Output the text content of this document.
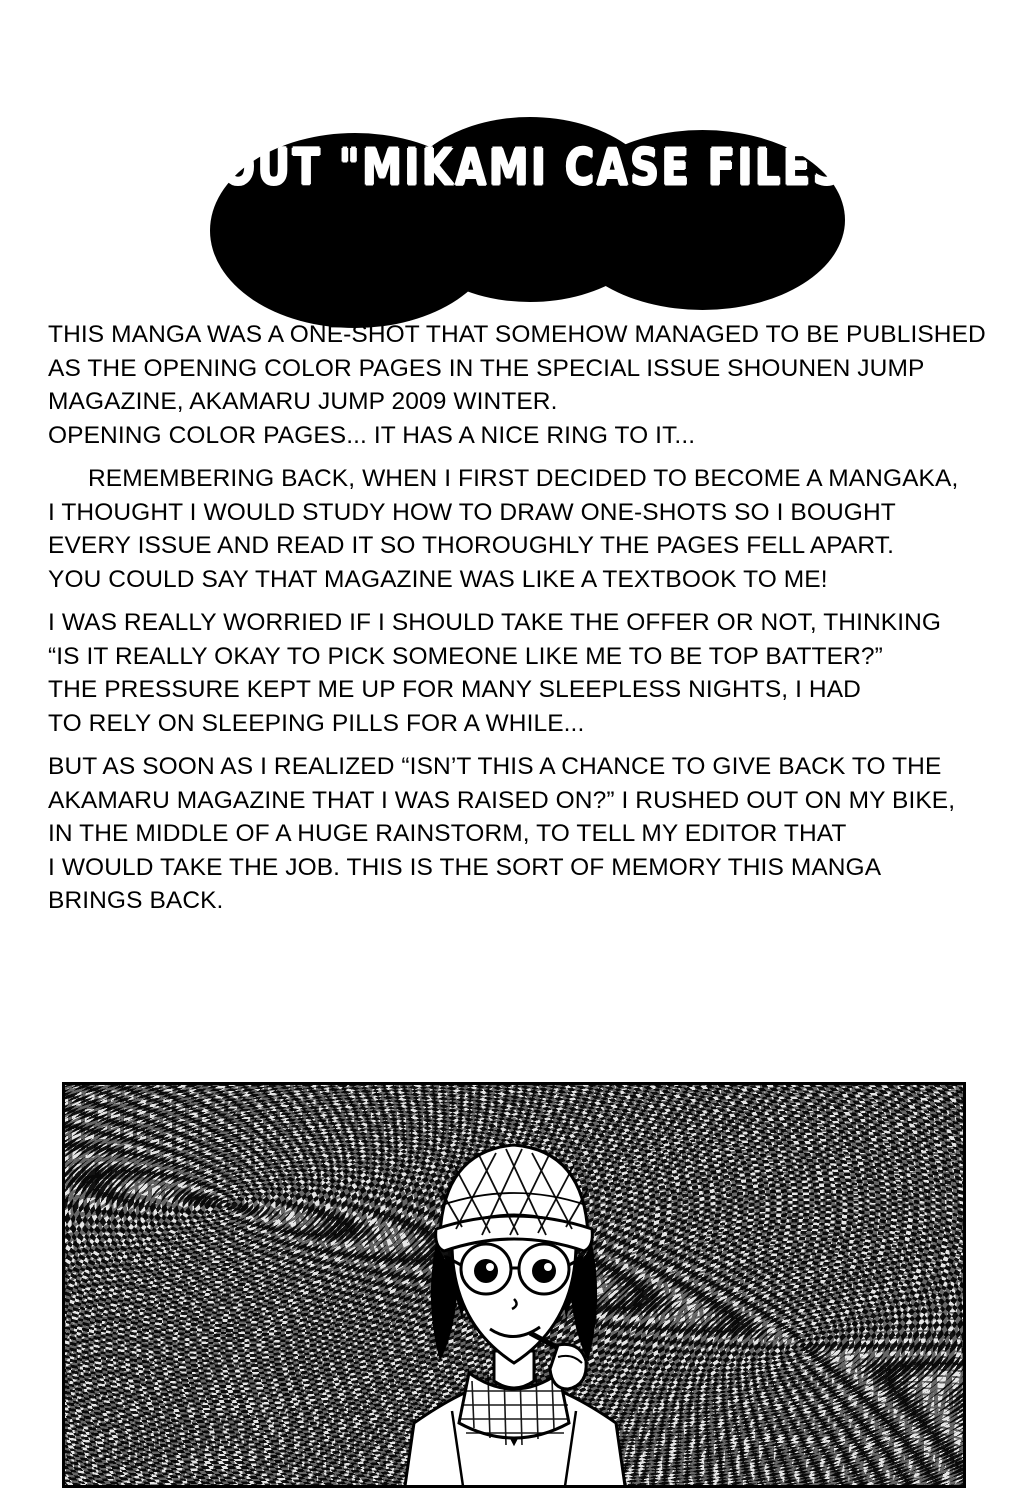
ABOUT "MIKAMI CASE FILES"

THIS MANGA WAS A ONE-SHOT THAT SOMEHOW MANAGED TO BE PUBLISHED

AS THE OPENING COLOR PAGES IN THE SPECIAL ISSUE SHOUNEN JUMP

MAGAZINE, AKAMARU JUMP 2009 WINTER.

OPENING COLOR PAGES... IT HAS A NICE RING TO IT...

REMEMBERING BACK, WHEN I FIRST DECIDED TO BECOME A MANGAKA,

I THOUGHT I WOULD STUDY HOW TO DRAW ONE-SHOTS SO I BOUGHT

EVERY ISSUE AND READ IT SO THOROUGHLY THE PAGES FELL APART.

YOU COULD SAY THAT MAGAZINE WAS LIKE A TEXTBOOK TO ME!

I WAS REALLY WORRIED IF I SHOULD TAKE THE OFFER OR NOT, THINKING

“IS IT REALLY OKAY TO PICK SOMEONE LIKE ME TO BE TOP BATTER?”

THE PRESSURE KEPT ME UP FOR MANY SLEEPLESS NIGHTS, I HAD

TO RELY ON SLEEPING PILLS FOR A WHILE...

BUT AS SOON AS I REALIZED “ISN’T THIS A CHANCE TO GIVE BACK TO THE

AKAMARU MAGAZINE THAT I WAS RAISED ON?” I RUSHED OUT ON MY BIKE,

IN THE MIDDLE OF A HUGE RAINSTORM, TO TELL MY EDITOR THAT

I WOULD TAKE THE JOB. THIS IS THE SORT OF MEMORY THIS MANGA

BRINGS BACK.
